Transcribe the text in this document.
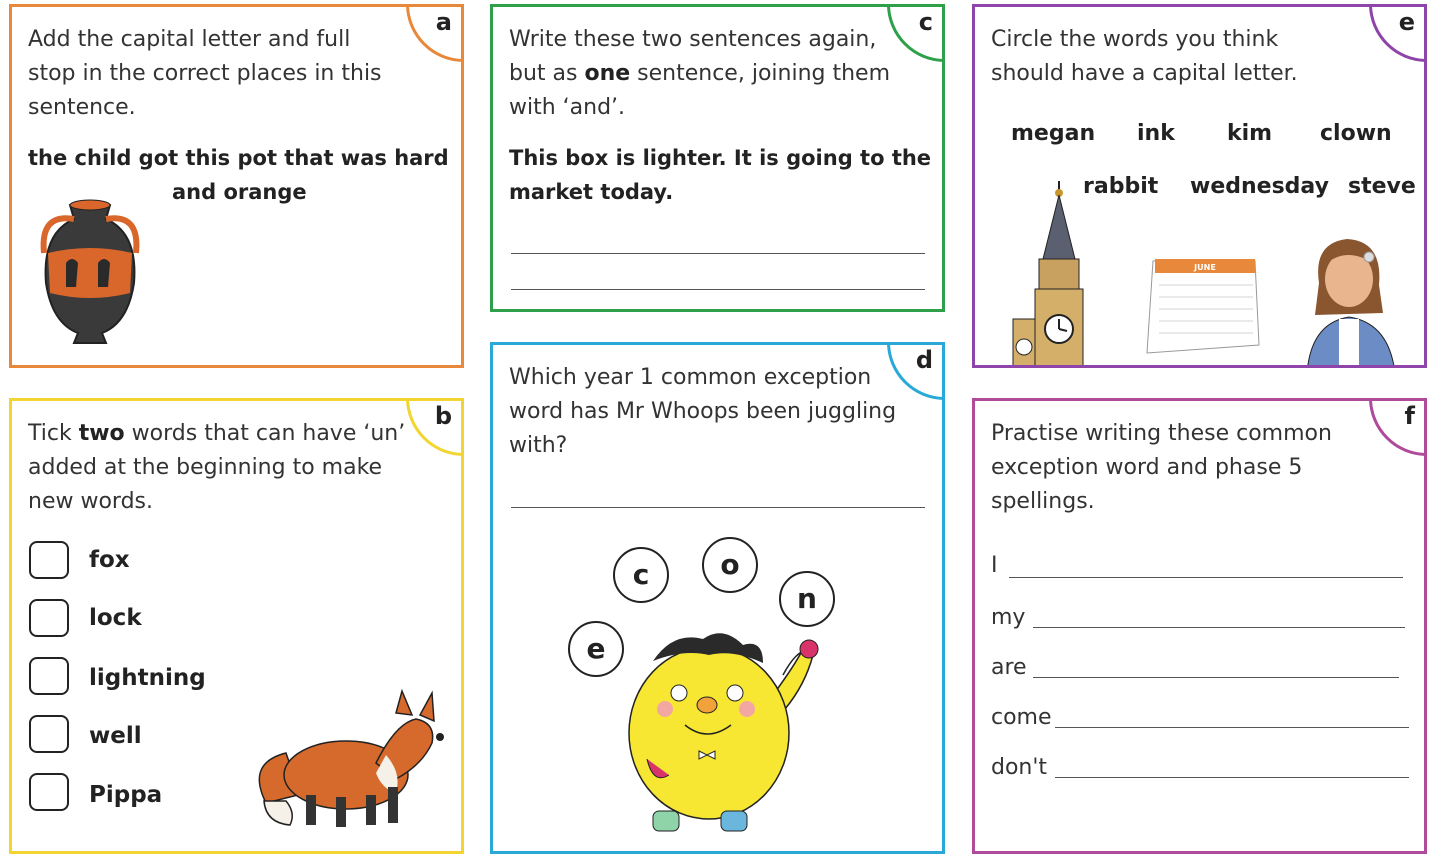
a
Add the capital letter and full
stop in the correct places in this
sentence.
the child got this pot that was hard
and orange
b
Tick two words that can have ‘un’
added at the beginning to make
new words.
fox
lock
lightning
well
Pippa
c
Write these two sentences again,
but as one sentence, joining them
with ‘and’.
This box is lighter. It is going to the
market today.
d
Which year 1 common exception
word has Mr Whoops been juggling
with?
c	o
n
e
e
Circle the words you think
should have a capital letter.
megan ink kim clown
rabbit wednesday steve
JUNE
f
Practise writing these common
exception word and phase 5
spellings.
I
my
are
come
don't
